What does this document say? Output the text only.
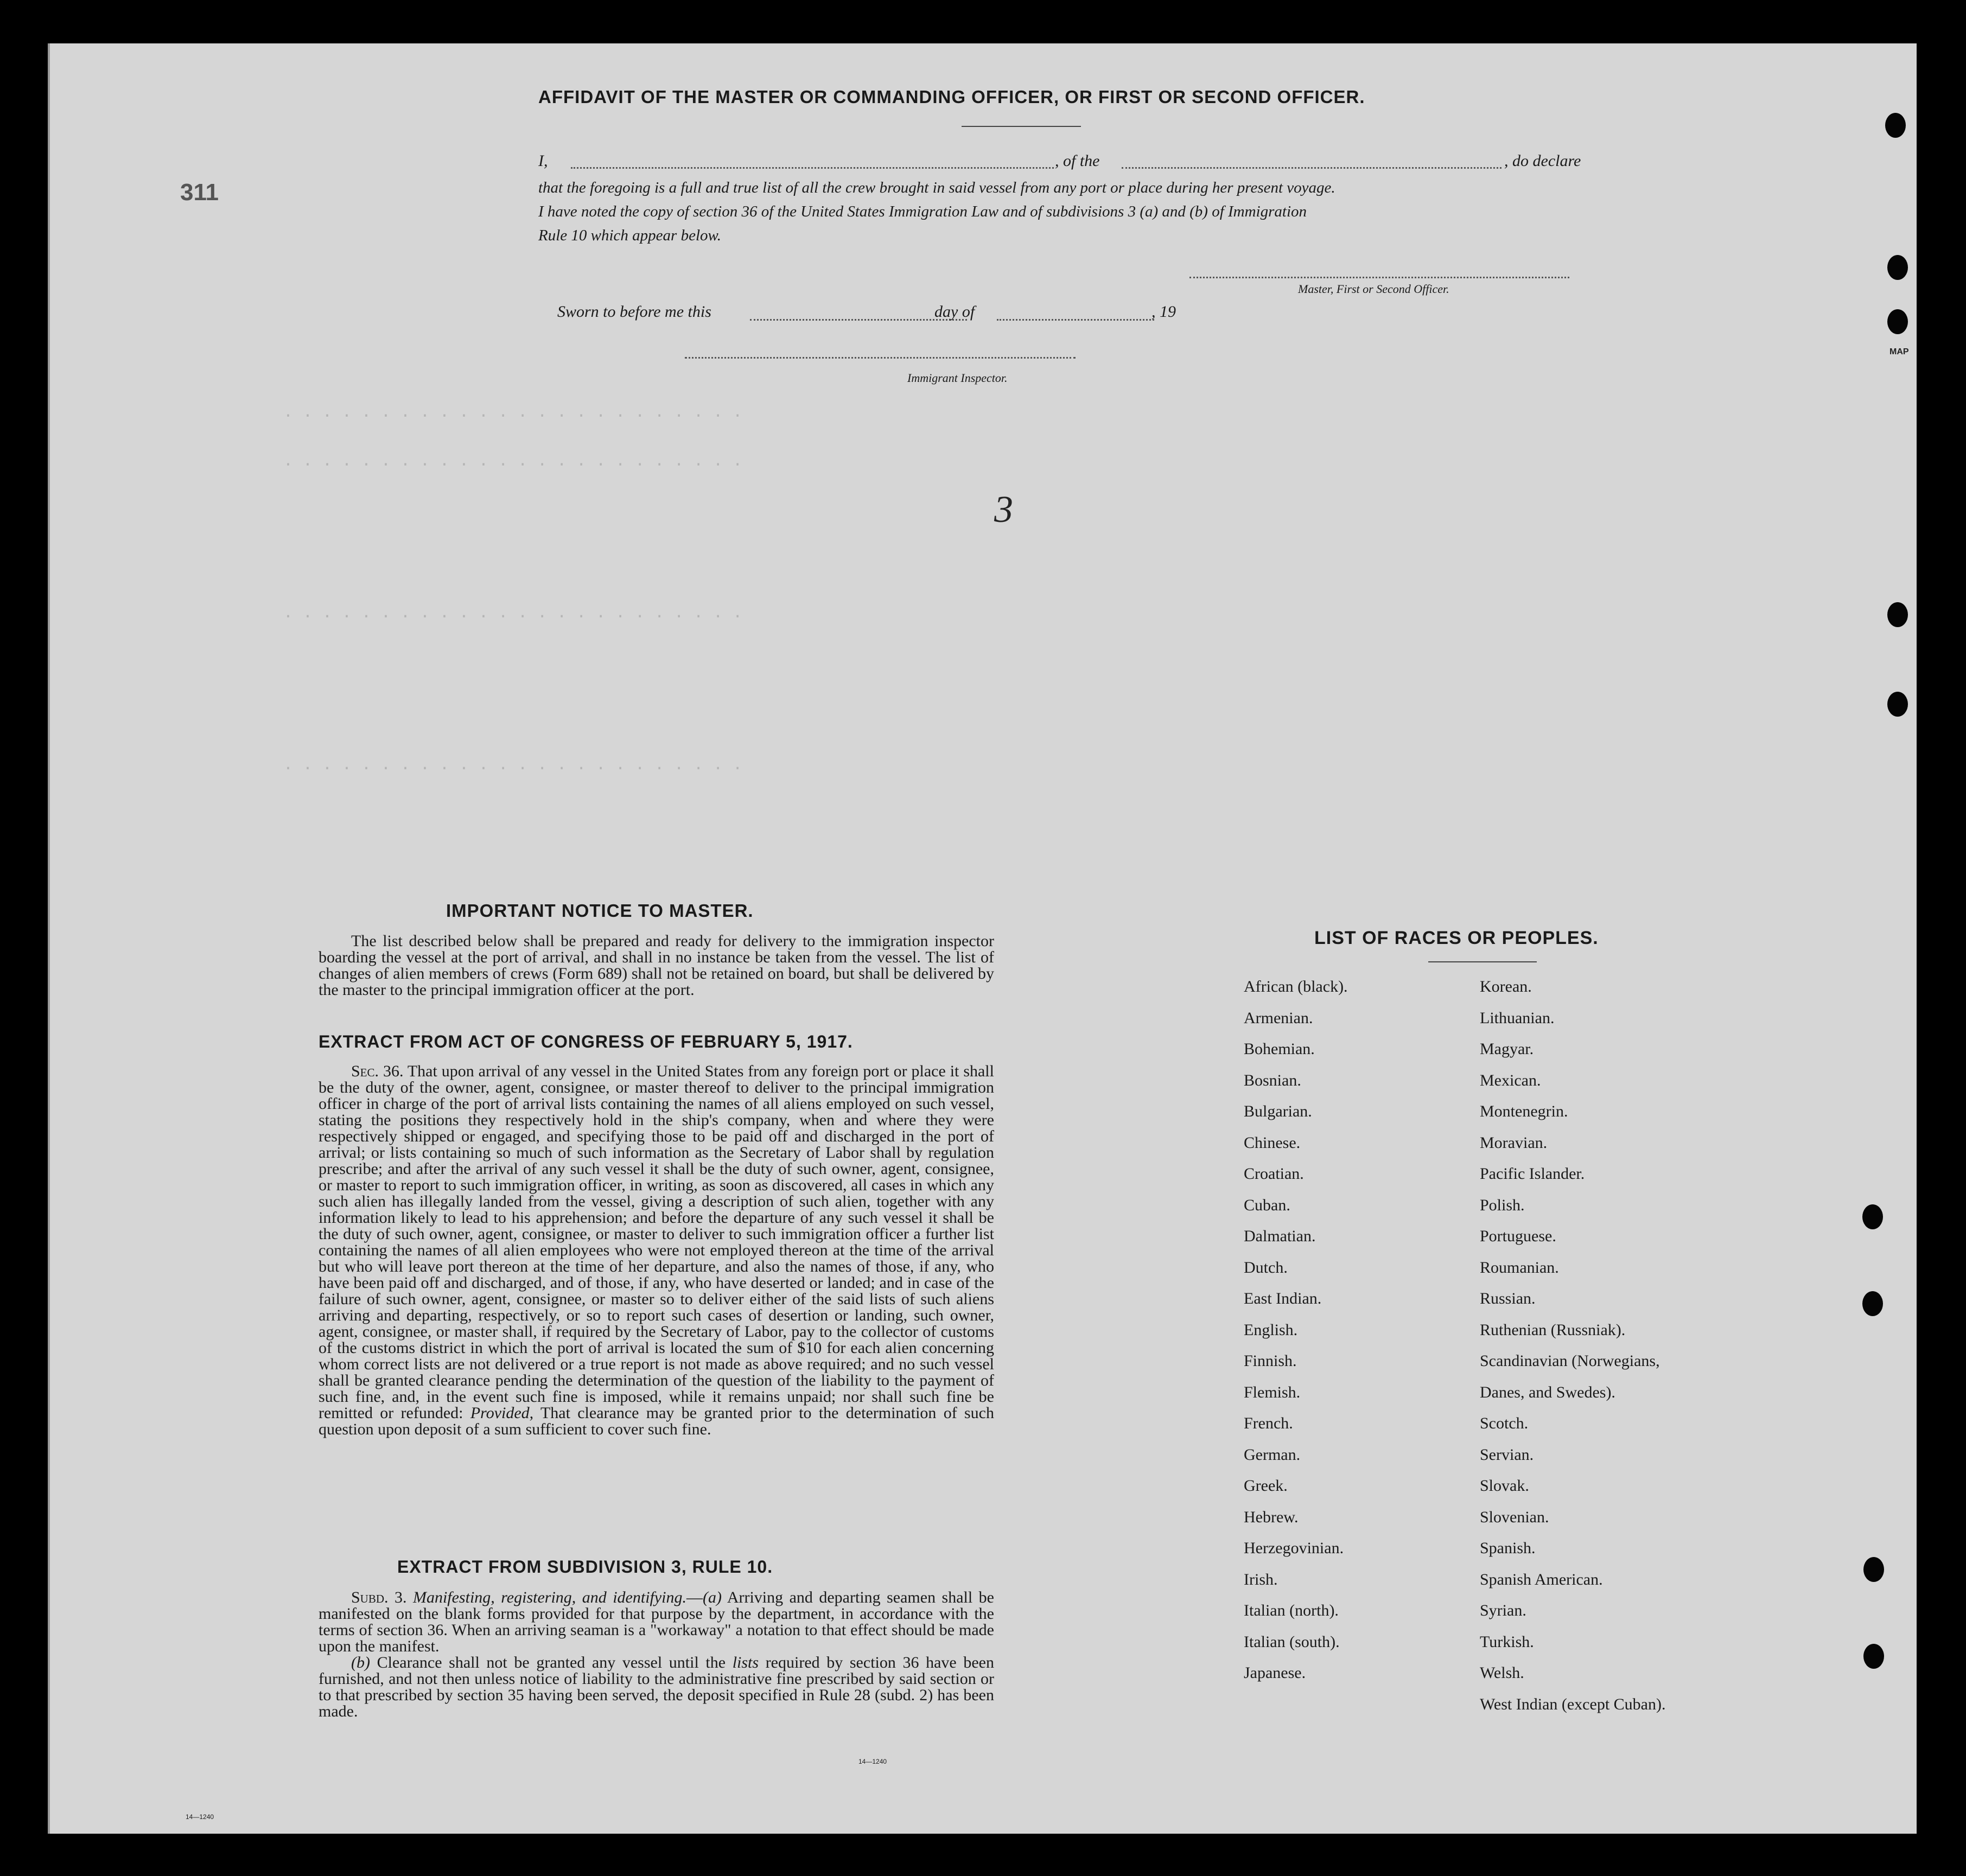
AFFIDAVIT OF THE MASTER OR COMMANDING OFFICER, OR FIRST OR SECOND OFFICER.
I,	, of the	, do declare
that the foregoing is a full and true list of all the crew brought in said vessel from any port or place during her present voyage.
I have noted the copy of section 36 of the United States Immigration Law and of subdivisions 3 (a) and (b) of Immigration
Rule 10 which appear below.
Master, First or Second Officer.
Sworn to before me this	day of	, 19
Immigrant Inspector.
· · · · · · · · · · · · · · · · · · · · · · · ·
· · · · · · · · · · · · · · · · · · · · · · · ·
· · · · · · · · · · · · · · · · · · · · · · · ·
· · · · · · · · · · · · · · · · · · · · · · · ·
311
3
IMPORTANT NOTICE TO MASTER.

The list described below shall be prepared and ready for delivery to the immigration inspector boarding the vessel at the port of arrival, and shall in no instance be taken from the vessel. The list of changes of alien members of crews (Form 689) shall not be retained on board, but shall be delivered by the master to the principal immigration officer at the port.

EXTRACT FROM ACT OF CONGRESS OF FEBRUARY 5, 1917.

Sec. 36. That upon arrival of any vessel in the United States from any foreign port or place it shall be the duty of the owner, agent, consignee, or master thereof to deliver to the principal immigration officer in charge of the port of arrival lists containing the names of all aliens employed on such vessel, stating the positions they respectively hold in the ship's company, when and where they were respectively shipped or engaged, and specifying those to be paid off and discharged in the port of arrival; or lists containing so much of such information as the Secretary of Labor shall by regulation prescribe; and after the arrival of any such vessel it shall be the duty of such owner, agent, consignee, or master to report to such immigration officer, in writing, as soon as discovered, all cases in which any such alien has illegally landed from the vessel, giving a description of such alien, together with any information likely to lead to his apprehension; and before the departure of any such vessel it shall be the duty of such owner, agent, consignee, or master to deliver to such immigration officer a further list containing the names of all alien employees who were not employed thereon at the time of the arrival but who will leave port thereon at the time of her departure, and also the names of those, if any, who have been paid off and discharged, and of those, if any, who have deserted or landed; and in case of the failure of such owner, agent, consignee, or master so to deliver either of the said lists of such aliens arriving and departing, respectively, or so to report such cases of desertion or landing, such owner, agent, consignee, or master shall, if required by the Secretary of Labor, pay to the collector of customs of the customs district in which the port of arrival is located the sum of $10 for each alien concerning whom correct lists are not delivered or a true report is not made as above required; and no such vessel shall be granted clearance pending the determination of the question of the liability to the payment of such fine, and, in the event such fine is imposed, while it remains unpaid; nor shall such fine be remitted or refunded: Provided, That clearance may be granted prior to the determination of such question upon deposit of a sum sufficient to cover such fine.

EXTRACT FROM SUBDIVISION 3, RULE 10.

Subd. 3. Manifesting, registering, and identifying.—(a) Arriving and departing seamen shall be manifested on the blank forms provided for that purpose by the department, in accordance with the terms of section 36. When an arriving seaman is a "workaway" a notation to that effect should be made upon the manifest.

(b) Clearance shall not be granted any vessel until the lists required by section 36 have been furnished, and not then unless notice of liability to the administrative fine prescribed by said section or to that prescribed by section 35 having been served, the deposit specified in Rule 28 (subd. 2) has been made.

14—1240
14—1240
LIST OF RACES OR PEOPLES.
African (black).
Armenian.
Bohemian.
Bosnian.
Bulgarian.
Chinese.
Croatian.
Cuban.
Dalmatian.
Dutch.
East Indian.
English.
Finnish.
Flemish.
French.
German.
Greek.
Hebrew.
Herzegovinian.
Irish.
Italian (north).
Italian (south).
Japanese.
Korean.
Lithuanian.
Magyar.
Mexican.
Montenegrin.
Moravian.
Pacific Islander.
Polish.
Portuguese.
Roumanian.
Russian.
Ruthenian (Russniak).
Scandinavian (Norwegians,
Danes, and Swedes).
Scotch.
Servian.
Slovak.
Slovenian.
Spanish.
Spanish American.
Syrian.
Turkish.
Welsh.
West Indian (except Cuban).
MAP
